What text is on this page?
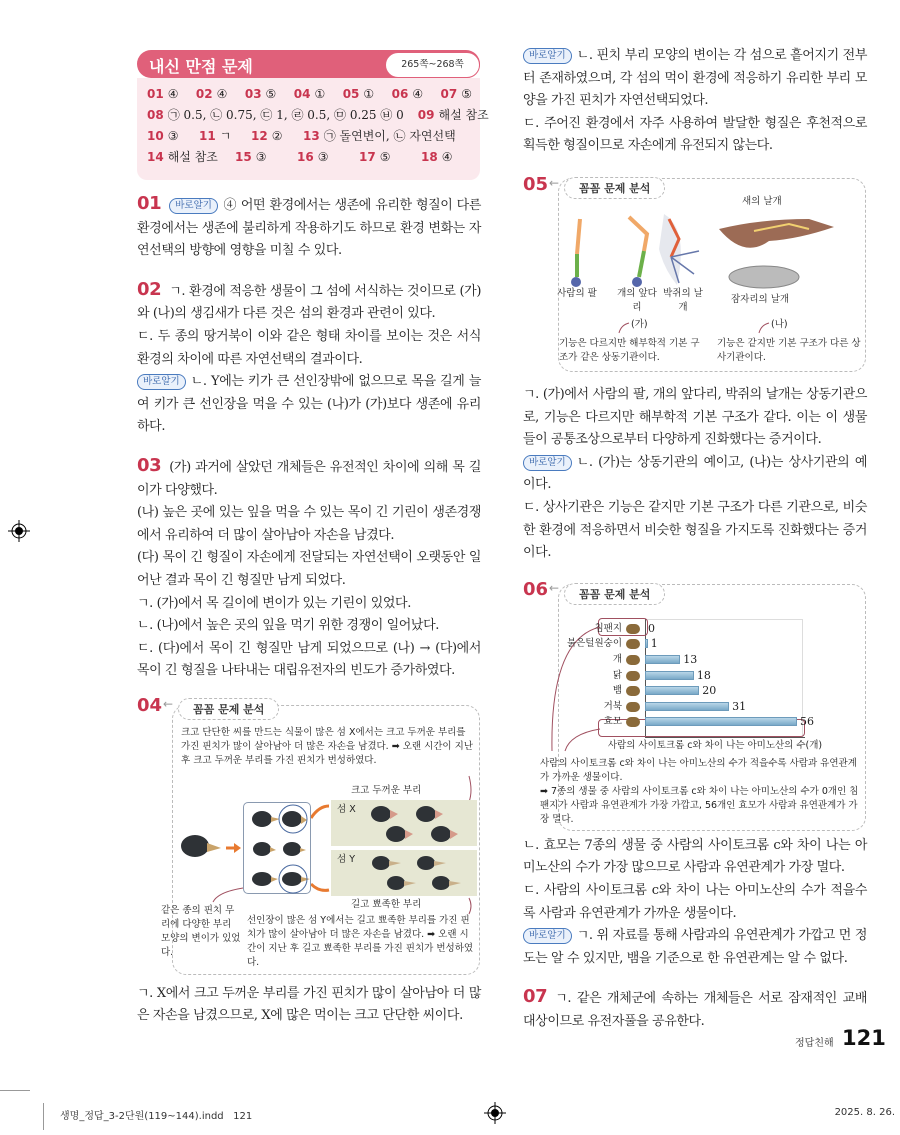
내신 만점 문제	265쪽~268쪽
01 ④ 02 ④ 03 ⑤ 04 ① 05 ① 06 ④ 07 ⑤
08 ㉠ 0.5, ㉡ 0.75, ㉢ 1, ㉣ 0.5, ㉤ 0.25 ㉥ 0 09 해설 참조
10 ③	11 ㄱ	12 ②	13 ㉠ 돌연변이, ㉡ 자연선택
14 해설 참조	15 ③	16 ③	17 ⑤	18 ④

01 바로알기 ④ 어떤 환경에서는 생존에 유리한 형질이 다른 환경에서는 생존에 불리하게 작용하기도 하므로 환경 변화는 자연선택의 방향에 영향을 미칠 수 있다.

02 ㄱ. 환경에 적응한 생물이 그 섬에 서식하는 것이므로 (가)와 (나)의 생김새가 다른 것은 섬의 환경과 관련이 있다.

ㄷ. 두 종의 땅거북이 이와 같은 형태 차이를 보이는 것은 서식 환경의 차이에 따른 자연선택의 결과이다.

바로알기 ㄴ. Y에는 키가 큰 선인장밖에 없으므로 목을 길게 늘여 키가 큰 선인장을 먹을 수 있는 (나)가 (가)보다 생존에 유리하다.

03 (가) 과거에 살았던 개체들은 유전적인 차이에 의해 목 길이가 다양했다.

(나) 높은 곳에 있는 잎을 먹을 수 있는 목이 긴 기린이 생존경쟁에서 유리하여 더 많이 살아남아 자손을 남겼다.

(다) 목이 긴 형질이 자손에게 전달되는 자연선택이 오랫동안 일어난 결과 목이 긴 형질만 남게 되었다.

ㄱ. (가)에서 목 길이에 변이가 있는 기린이 있었다.

ㄴ. (나)에서 높은 곳의 잎을 먹기 위한 경쟁이 일어났다.

ㄷ. (다)에서 목이 긴 형질만 남게 되었으므로 (나) → (다)에서 목이 긴 형질을 나타내는 대립유전자의 빈도가 증가하였다.

04 ←
크고 단단한 씨를 만드는 식물이 많은 섬 X에서는 크고 두꺼운 부리를 가진 핀치가 많이 살아남아 더 많은 자손을 남겼다. ➡ 오랜 시간이 지난 후 크고 두꺼운 부리를 가진 핀치가 번성하였다.
크고 두꺼운 부리
섬 X
섬 Y
길고 뾰족한 부리
같은 종의 핀치 무리에 다양한 부리 모양의 변이가 있었다.
선인장이 많은 섬 Y에서는 길고 뾰족한 부리를 가진 핀치가 많이 살아남아 더 많은 자손을 남겼다. ➡ 오랜 시간이 지난 후 길고 뾰족한 부리를 가진 핀치가 번성하였다.
꼼꼼 문제 분석

ㄱ. X에서 크고 두꺼운 부리를 가진 핀치가 많이 살아남아 더 많은 자손을 남겼으므로, X에 많은 먹이는 크고 단단한 씨이다.

바로알기 ㄴ. 핀치 부리 모양의 변이는 각 섬으로 흩어지기 전부터 존재하였으며, 각 섬의 먹이 환경에 적응하기 유리한 부리 모양을 가진 핀치가 자연선택되었다.

ㄷ. 주어진 환경에서 자주 사용하여 발달한 형질은 후천적으로 획득한 형질이므로 자손에게 유전되지 않는다.

05 ←
사람의 팔 개의 앞다리
박쥐의 날개
새의 날개
잠자리의 날개
(가)	(나)
기능은 다르지만 해부학적 기본 구조가 같은 상동기관이다.
기능은 같지만 기본 구조가 다른 상사기관이다.
꼼꼼 문제 분석

ㄱ. (가)에서 사람의 팔, 개의 앞다리, 박쥐의 날개는 상동기관으로, 기능은 다르지만 해부학적 기본 구조가 같다. 이는 이 생물들이 공통조상으로부터 다양하게 진화했다는 증거이다.

바로알기 ㄴ. (가)는 상동기관의 예이고, (나)는 상사기관의 예이다.

ㄷ. 상사기관은 기능은 같지만 기본 구조가 다른 기관으로, 비슷한 환경에 적응하면서 비슷한 형질을 가지도록 진화했다는 증거이다.

06 ←	꼼꼼 문제 분석
사람의 사이토크롬 c와 차이 나는 아미노산의 수(개)
사람의 사이토크롬 c와 차이 나는 아미노산의 수가 적을수록 사람과 유연관계가 가까운 생물이다.
➡ 7종의 생물 중 사람의 사이토크롬 c와 차이 나는 아미노산의 수가 0개인 침팬지가 사람과 유연관계가 가장 가깝고, 56개인 효모가 사람과 유연관계가 가장 멀다.
침팬지 0
붉은털원숭이	1
개	13
닭	18
뱀	20
거북	31
효모	56

ㄴ. 효모는 7종의 생물 중 사람의 사이토크롬 c와 차이 나는 아미노산의 수가 가장 많으므로 사람과 유연관계가 가장 멀다.

ㄷ. 사람의 사이토크롬 c와 차이 나는 아미노산의 수가 적을수록 사람과 유연관계가 가까운 생물이다.

바로알기 ㄱ. 위 자료를 통해 사람과의 유연관계가 가깝고 먼 정도는 알 수 있지만, 뱀을 기준으로 한 유연관계는 알 수 없다.

07 ㄱ. 같은 개체군에 속하는 개체들은 서로 잠재적인 교배 대상이므로 유전자풀을 공유한다.

정답친해 121
생명_정답_3-2단원(119~144).indd   121	2025. 8. 26.
